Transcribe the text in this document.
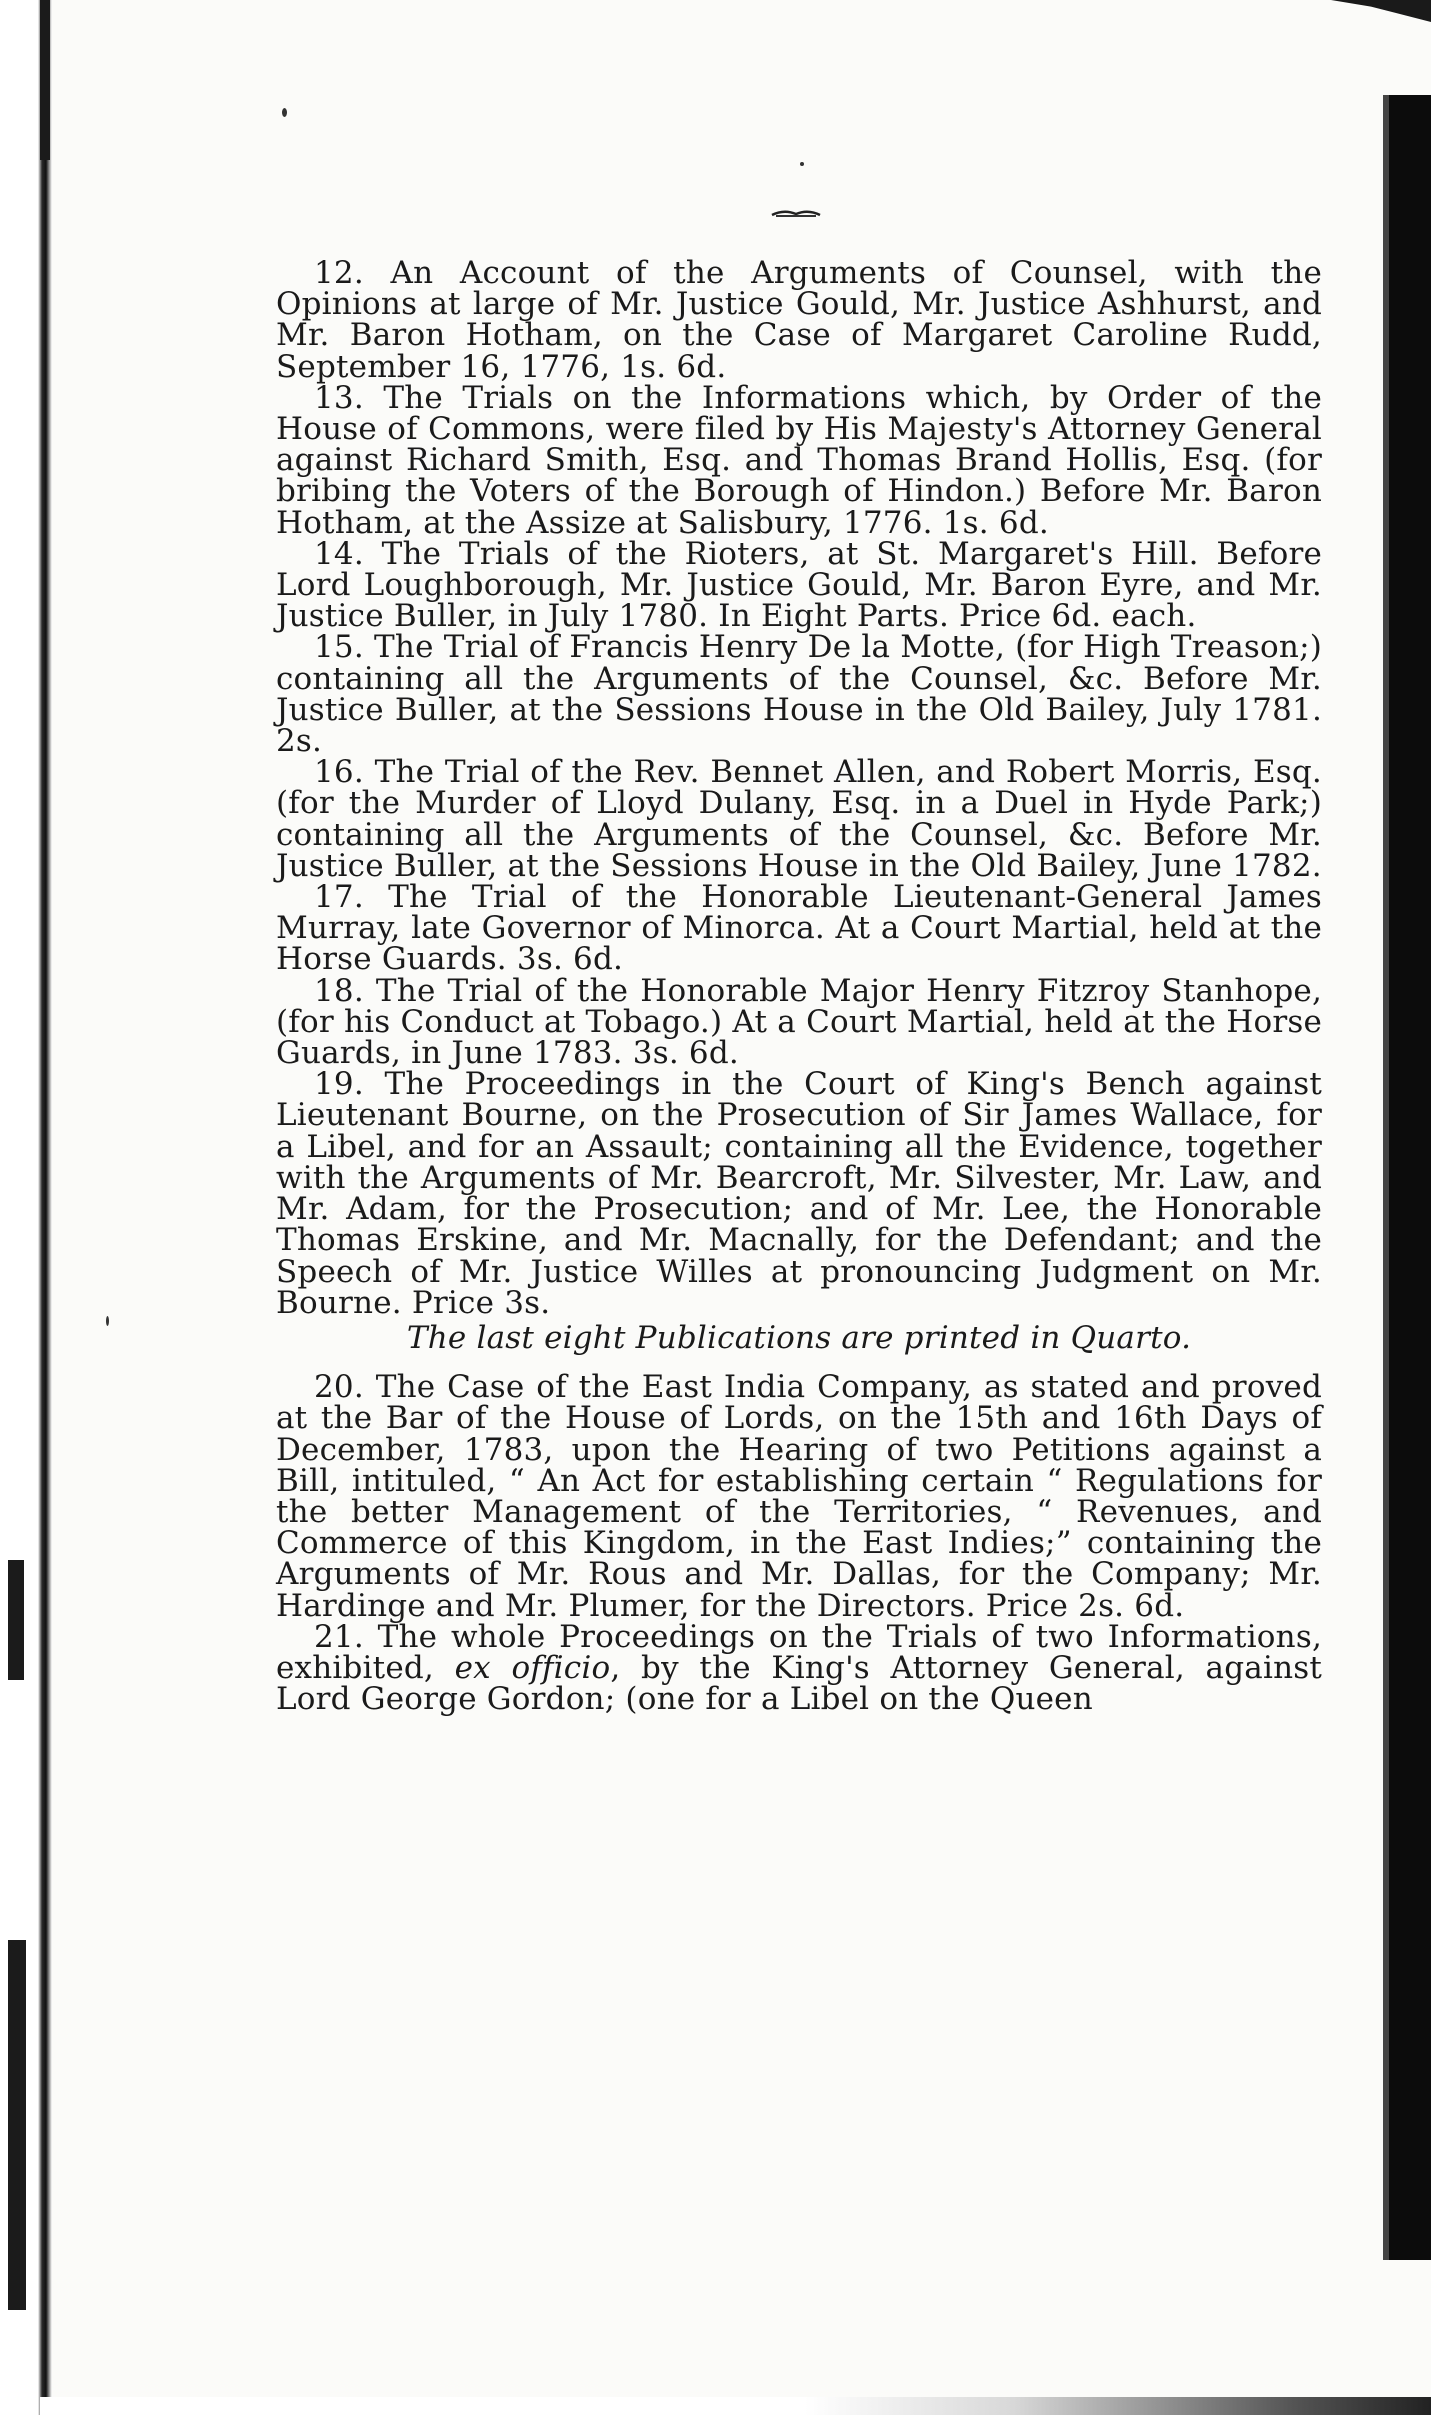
12. An Account of the Arguments of Counsel, with the Opinions at large of Mr. Justice Gould, Mr. Justice Ashhurst, and Mr. Baron Hotham, on the Case of Margaret Caroline Rudd, September 16, 1776, 1s. 6d.

13. The Trials on the Informations which, by Order of the House of Commons, were filed by His Majesty's Attorney General against Richard Smith, Esq. and Thomas Brand Hollis, Esq. (for bribing the Voters of the Borough of Hindon.) Before Mr. Baron Hotham, at the Assize at Salisbury, 1776. 1s. 6d.

14. The Trials of the Rioters, at St. Margaret's Hill. Before Lord Loughborough, Mr. Justice Gould, Mr. Baron Eyre, and Mr. Justice Buller, in July 1780. In Eight Parts. Price 6d. each.

15. The Trial of Francis Henry De la Motte, (for High Treason;) containing all the Arguments of the Counsel, &c. Before Mr. Justice Buller, at the Sessions House in the Old Bailey, July 1781. 2s.

16. The Trial of the Rev. Bennet Allen, and Robert Morris, Esq. (for the Murder of Lloyd Dulany, Esq. in a Duel in Hyde Park;) containing all the Arguments of the Counsel, &c. Before Mr. Justice Buller, at the Sessions House in the Old Bailey, June 1782.

17. The Trial of the Honorable Lieutenant-General James Murray, late Governor of Minorca. At a Court Martial, held at the Horse Guards. 3s. 6d.

18. The Trial of the Honorable Major Henry Fitzroy Stanhope, (for his Conduct at Tobago.) At a Court Martial, held at the Horse Guards, in June 1783. 3s. 6d.

19. The Proceedings in the Court of King's Bench against Lieutenant Bourne, on the Prosecution of Sir James Wallace, for a Libel, and for an Assault; containing all the Evidence, together with the Arguments of Mr. Bearcroft, Mr. Silvester, Mr. Law, and Mr. Adam, for the Prosecution; and of Mr. Lee, the Honorable Thomas Erskine, and Mr. Macnally, for the Defendant; and the Speech of Mr. Justice Willes at pronouncing Judgment on Mr. Bourne. Price 3s.

The last eight Publications are printed in Quarto.

20. The Case of the East India Company, as stated and proved at the Bar of the House of Lords, on the 15th and 16th Days of December, 1783, upon the Hearing of two Petitions against a Bill, intituled, “ An Act for establishing certain “ Regulations for the better Management of the Territories, “ Revenues, and Commerce of this Kingdom, in the East Indies;” containing the Arguments of Mr. Rous and Mr. Dallas, for the Company; Mr. Hardinge and Mr. Plumer, for the Directors. Price 2s. 6d.

21. The whole Proceedings on the Trials of two Informations, exhibited, ex officio, by the King's Attorney General, against Lord George Gordon; (one for a Libel on the Queen
